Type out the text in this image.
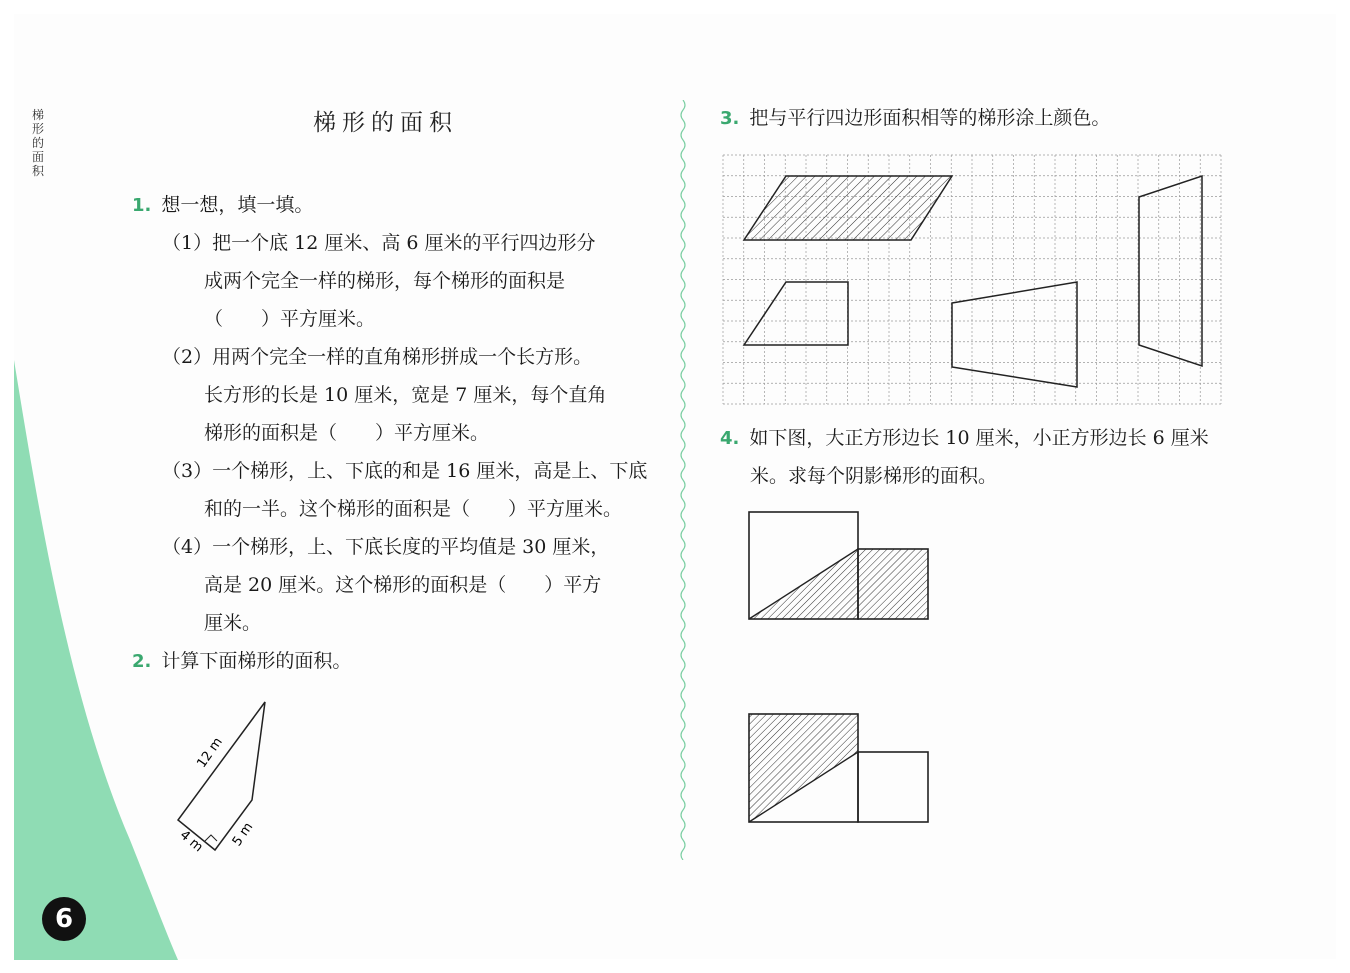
梯
形
的
面
积
6
梯形的面积
1. 想一想，填一填。
（1）把一个底 12 厘米、高 6 厘米的平行四边形分
成两个完全一样的梯形，每个梯形的面积是
（　　）平方厘米。
（2）用两个完全一样的直角梯形拼成一个长方形。
长方形的长是 10 厘米，宽是 7 厘米，每个直角
梯形的面积是（　　）平方厘米。
（3）一个梯形，上、下底的和是 16 厘米，高是上、下底
和的一半。这个梯形的面积是（　　）平方厘米。
（4）一个梯形，上、下底长度的平均值是 30 厘米，
高是 20 厘米。这个梯形的面积是（　　）平方
厘米。
2. 计算下面梯形的面积。
12 m
4 m 5 m
3. 把与平行四边形面积相等的梯形涂上颜色。
4. 如下图，大正方形边长 10 厘米，小正方形边长 6 厘米
米。求每个阴影梯形的面积。
